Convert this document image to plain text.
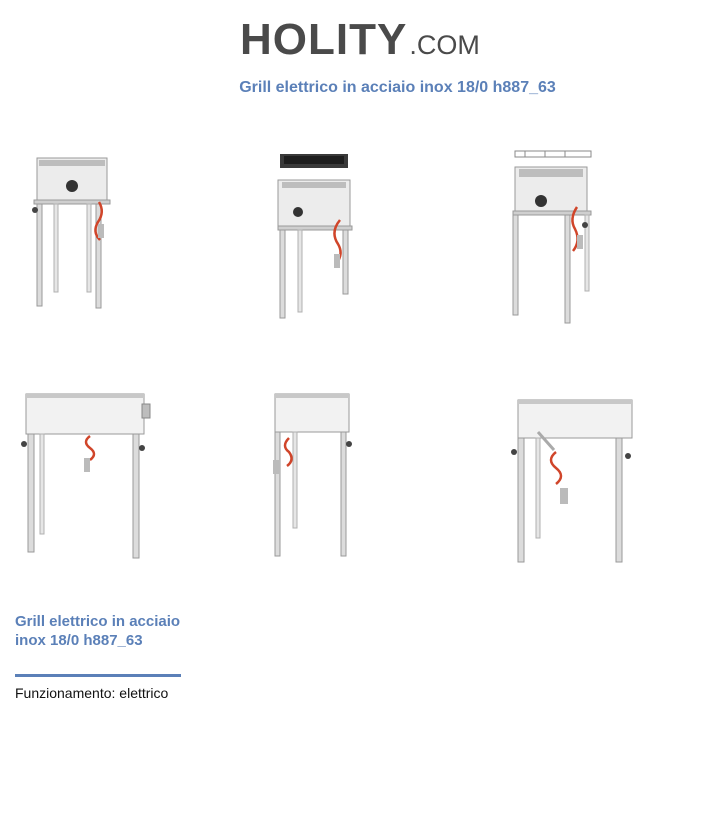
HOLITY .COM
Grill elettrico in acciaio inox 18/0 h887_63
Grill elettrico in acciaio inox 18/0 h887_63
Funzionamento: elettrico
